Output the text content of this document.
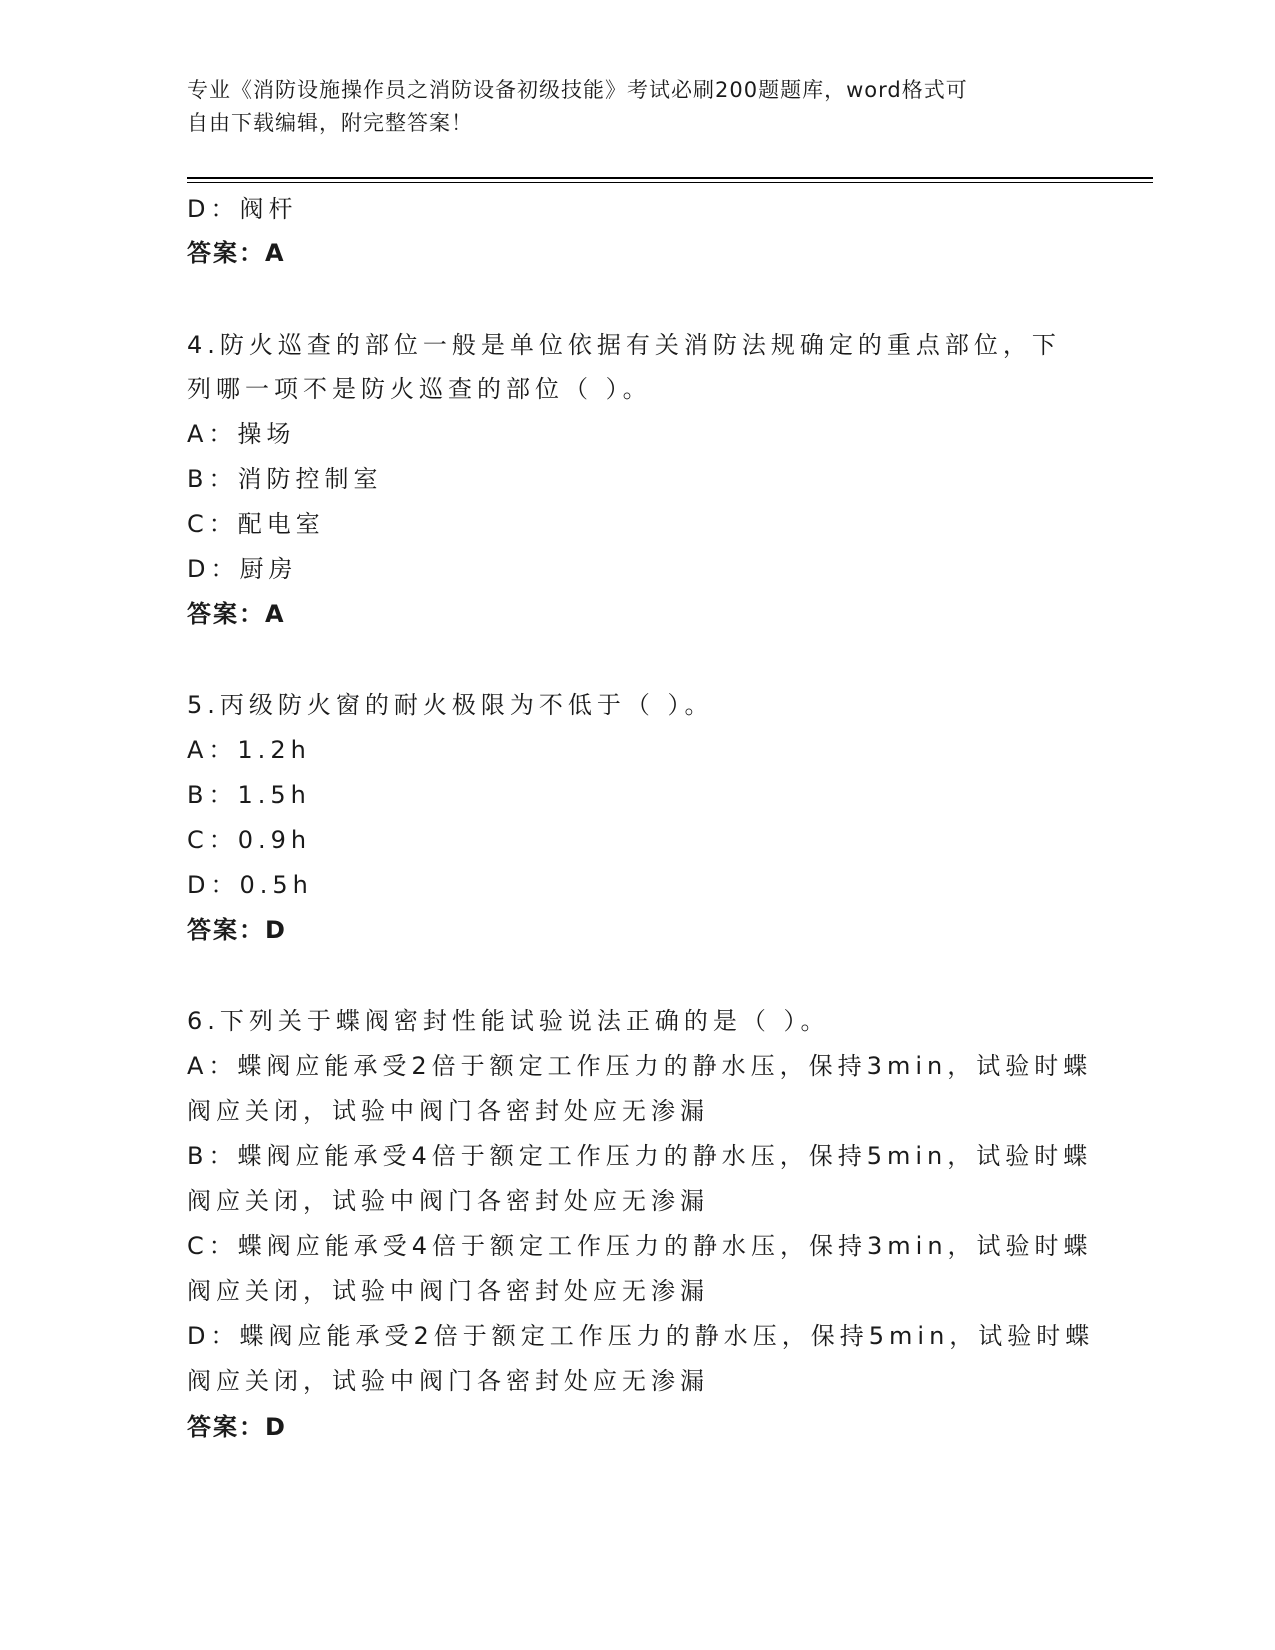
专业《消防设施操作员之消防设备初级技能》考试必刷200题题库，word格式可
自由下载编辑，附完整答案！
D：阀杆
答案：A
4.防火巡查的部位一般是单位依据有关消防法规确定的重点部位，下
列哪一项不是防火巡查的部位（ ）。
A：操场
B：消防控制室
C：配电室
D：厨房
答案：A
5.丙级防火窗的耐火极限为不低于（ ）。
A：1.2h
B：1.5h
C：0.9h
D：0.5h
答案：D
6.下列关于蝶阀密封性能试验说法正确的是（ ）。
A：蝶阀应能承受2倍于额定工作压力的静水压，保持3min，试验时蝶
阀应关闭，试验中阀门各密封处应无渗漏
B：蝶阀应能承受4倍于额定工作压力的静水压，保持5min，试验时蝶
阀应关闭，试验中阀门各密封处应无渗漏
C：蝶阀应能承受4倍于额定工作压力的静水压，保持3min，试验时蝶
阀应关闭，试验中阀门各密封处应无渗漏
D：蝶阀应能承受2倍于额定工作压力的静水压，保持5min，试验时蝶
阀应关闭，试验中阀门各密封处应无渗漏
答案：D
